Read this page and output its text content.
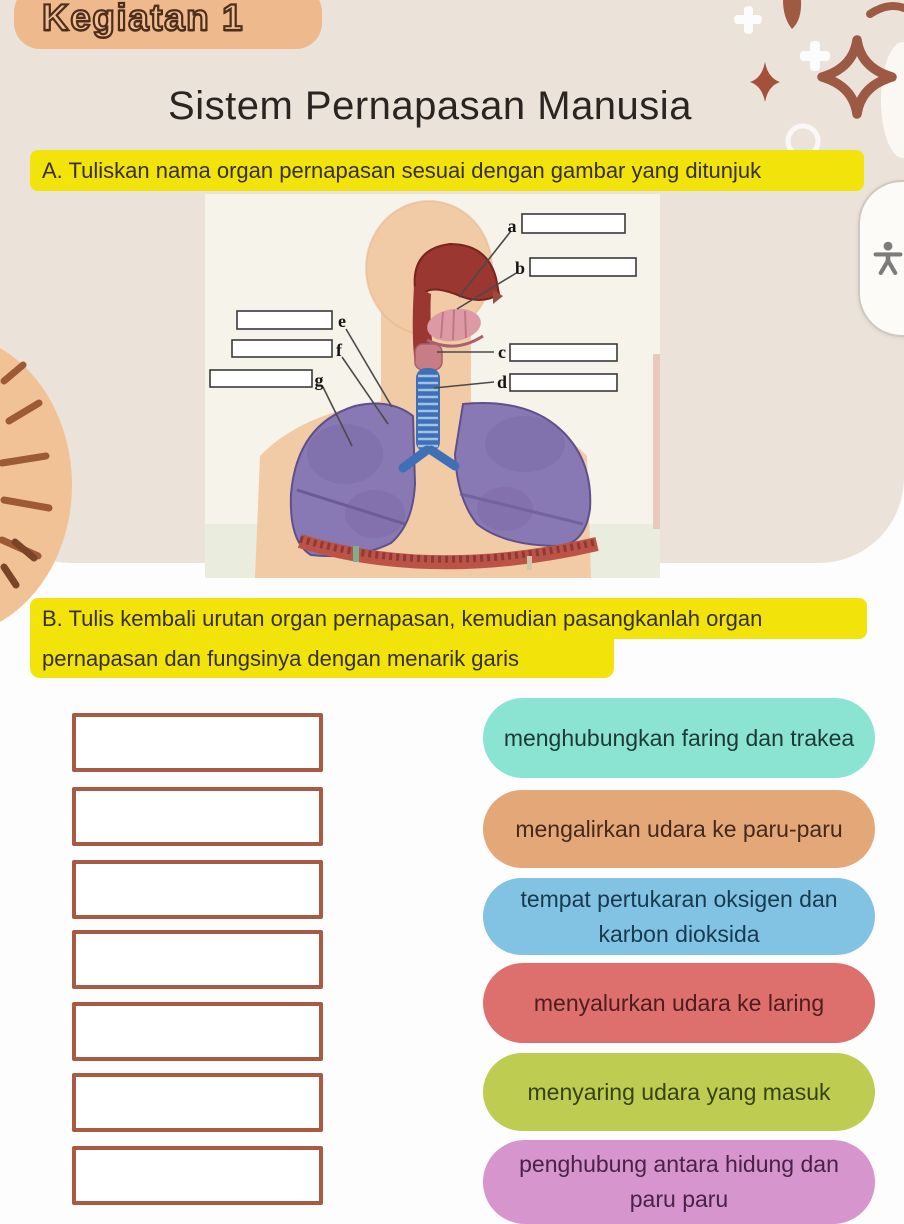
Kegiatan 1
Sistem Pernapasan Manusia
A. Tuliskan nama organ pernapasan sesuai dengan gambar yang ditunjuk
a
b
c
d
e
f
g
B. Tulis kembali urutan organ pernapasan, kemudian pasangkanlah organ
pernapasan dan fungsinya dengan menarik garis
menghubungkan faring dan trakea
mengalirkan udara ke paru-paru
tempat pertukaran oksigen dan karbon dioksida
menyalurkan udara ke laring
menyaring udara yang masuk
penghubung antara hidung dan paru paru
